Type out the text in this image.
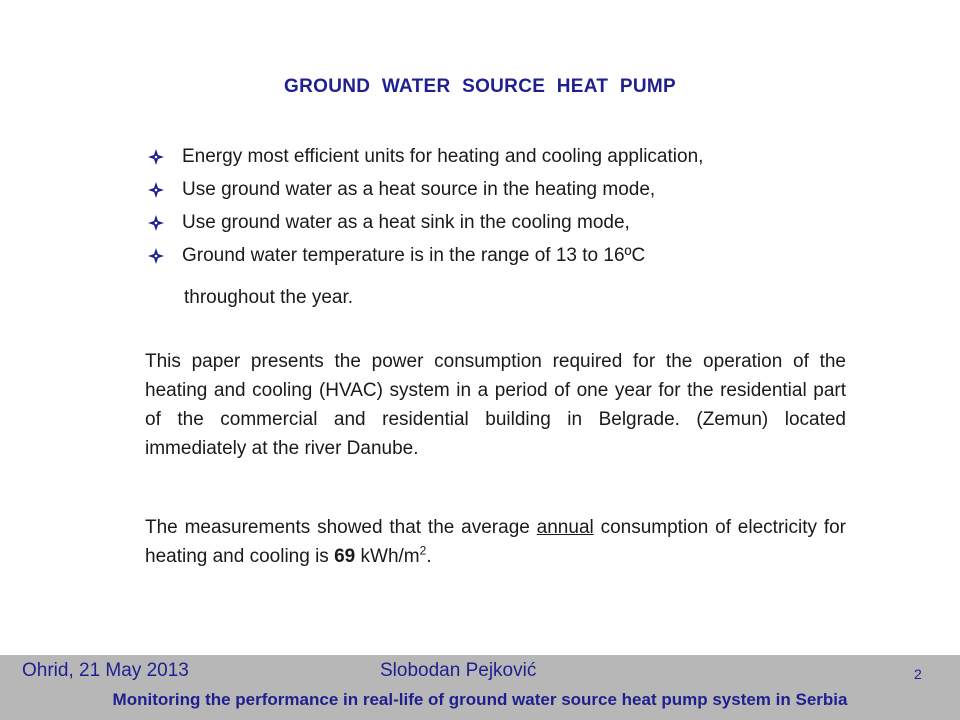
GROUND WATER SOURCE HEAT PUMP
Energy most efficient units for heating and cooling application,
Use ground water as a heat source in the heating mode,
Use ground water as a heat sink in the cooling mode,
Ground water temperature is in the range of 13 to 16ºC
throughout the year.
This paper presents the power consumption required for the operation of the heating and cooling (HVAC) system in a period of one year for the residential part of the commercial and residential building in Belgrade. (Zemun) located immediately at the river Danube.
The measurements showed that the average annual consumption of electricity for heating and cooling is 69 kWh/$m^2$.
Ohrid, 21 May 2013	Slobodan Pejković	2
Monitoring the performance in real-life of ground water source heat pump system in Serbia
